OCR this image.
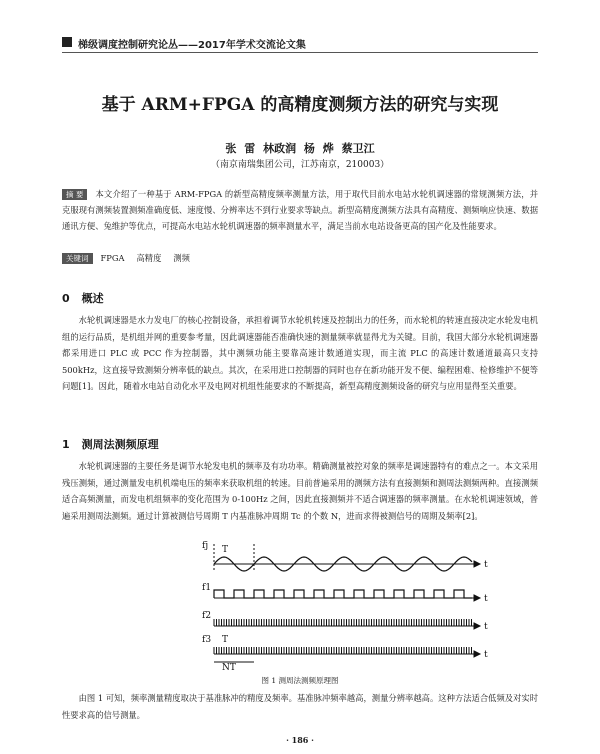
梯级调度控制研究论丛——2017年学术交流论文集
基于 ARM+FPGA 的高精度测频方法的研究与实现
张 雷 林政润 杨 烨 蔡卫江
（南京南瑞集团公司，江苏南京，210003）
摘 要 本文介绍了一种基于 ARM-FPGA 的新型高精度频率测量方法，用于取代目前水电站水轮机调速器的常规测频方法，并克服现有测频装置测频准确度低、速度慢、分辨率达不到行业要求等缺点。新型高精度测频方法具有高精度、测频响应快速、数据通讯方便、兔维护等优点，可提高水电站水轮机调速器的频率测量水平，满足当前水电站设备更高的国产化及性能要求。
关键词 FPGA 高精度 测频
0 概述
水轮机调速器是水力发电厂的核心控制设备，承担着调节水轮机转速及控制出力的任务，而水轮机的转速直接决定水轮发电机组的运行品质，是机组并网的重要参考量，因此调速器能否准确快速的测量频率就显得尤为关键。目前，我国大部分水轮机调速器都采用进口 PLC 或 PCC 作为控制器，其中测频功能主要靠高速计数通道实现，而主流 PLC 的高速计数通道最高只支持 500kHz，这直接导致测频分辨率低的缺点。其次，在采用进口控制器的同时也存在新功能开发不便、编程困难、检修维护不便等问题[1]。因此，随着水电站自动化水平及电网对机组性能要求的不断提高，新型高精度测频设备的研究与应用显得至关重要。
1 测周法测频原理
水轮机调速器的主要任务是调节水轮发电机的频率及有功功率。精确测量被控对象的频率是调速器特有的难点之一。本文采用残压测频，通过测量发电机机端电压的频率来获取机组的转速。目前普遍采用的测频方法有直接测频和测周法测频两种。直接测频适合高频测量，而发电机组频率的变化范围为 0-100Hz 之间，因此直接测频并不适合调速器的频率测量。在水轮机调速领域，普遍采用测周法测频。通过计算被测信号周期 T 内基准脉冲周期 Tc 的个数 N，进而求得被测信号的周期及频率[2]。
fj T
t
f1
t
f2
t
f3 T
t
NT
图 1 测周法测频原理图
由图 1 可知，频率测量精度取决于基准脉冲的精度及频率。基准脉冲频率越高，测量分辨率越高。这种方法适合低频及对实时性要求高的信号测量。
· 186 ·
